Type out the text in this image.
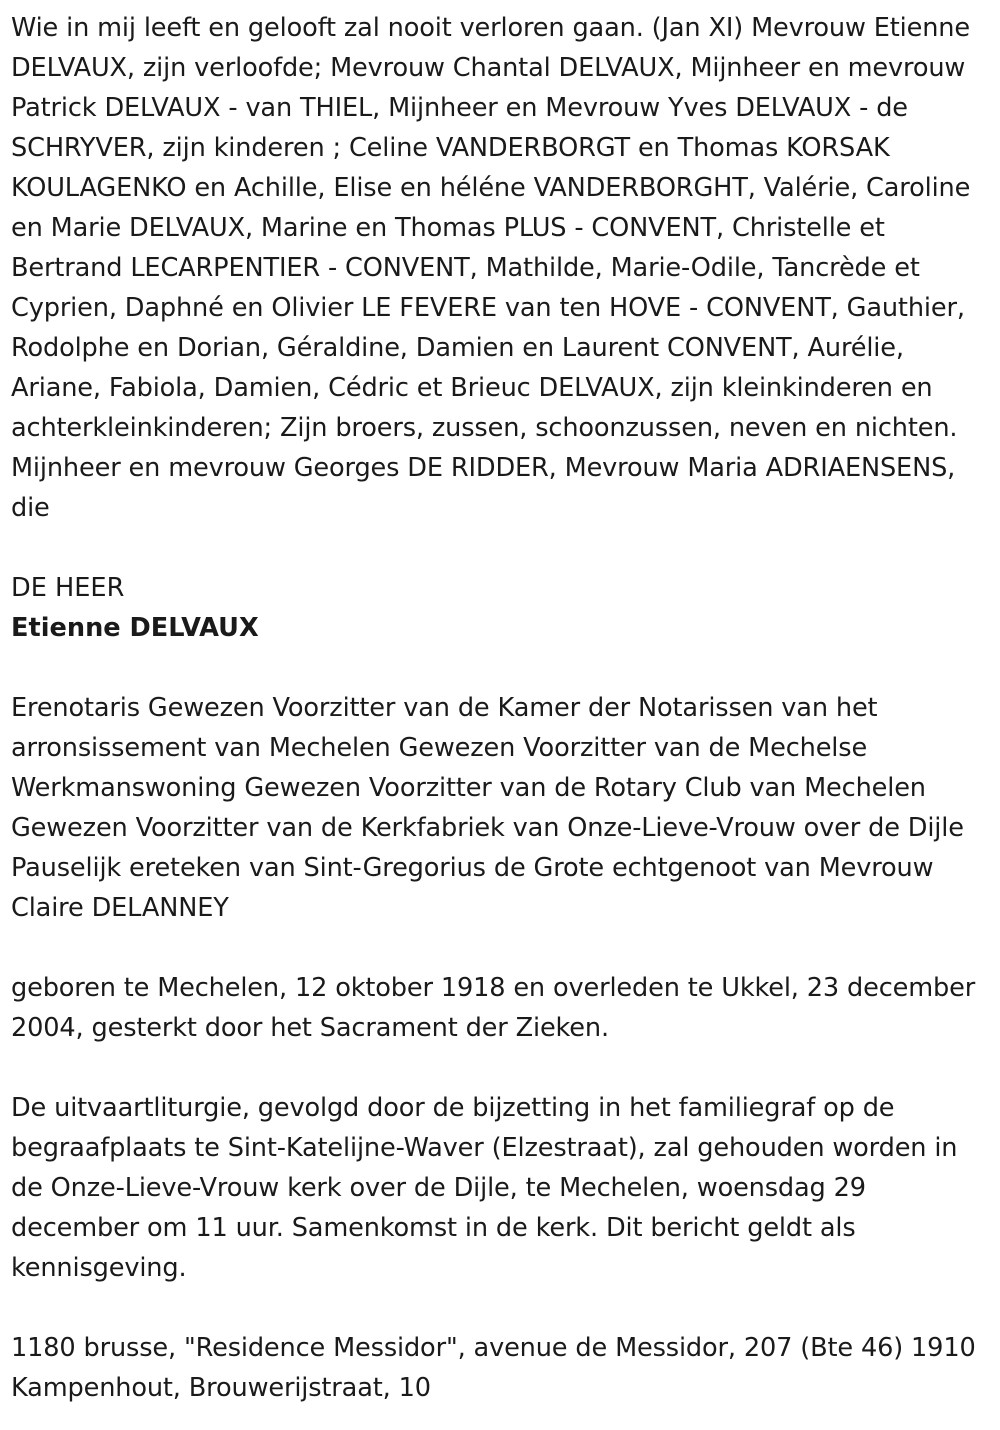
Wie in mij leeft en gelooft zal nooit verloren gaan. (Jan XI) Mevrouw Etienne DELVAUX, zijn verloofde; Mevrouw Chantal DELVAUX, Mijnheer en mevrouw Patrick DELVAUX - van THIEL, Mijnheer en Mevrouw Yves DELVAUX - de SCHRYVER, zijn kinderen ; Celine VANDERBORGT en Thomas KORSAK KOULAGENKO en Achille, Elise en héléne VANDERBORGHT, Valérie, Caroline en Marie DELVAUX, Marine en Thomas PLUS - CONVENT, Christelle et Bertrand LECARPENTIER - CONVENT, Mathilde, Marie-Odile, Tancrède et Cyprien, Daphné en Olivier LE FEVERE van ten HOVE - CONVENT, Gauthier, Rodolphe en Dorian, Géraldine, Damien en Laurent CONVENT, Aurélie, Ariane, Fabiola, Damien, Cédric et Brieuc DELVAUX, zijn kleinkinderen en achterkleinkinderen; Zijn broers, zussen, schoonzussen, neven en nichten. Mijnheer en mevrouw Georges DE RIDDER, Mevrouw Maria ADRIAENSENS, die

DE HEER

Etienne DELVAUX

Erenotaris Gewezen Voorzitter van de Kamer der Notarissen van het arronsissement van Mechelen Gewezen Voorzitter van de Mechelse Werkmanswoning Gewezen Voorzitter van de Rotary Club van Mechelen Gewezen Voorzitter van de Kerkfabriek van Onze-Lieve-Vrouw over de Dijle Pauselijk ereteken van Sint-Gregorius de Grote echtgenoot van Mevrouw Claire DELANNEY

geboren te Mechelen, 12 oktober 1918 en overleden te Ukkel, 23 december 2004, gesterkt door het Sacrament der Zieken.

De uitvaartliturgie, gevolgd door de bijzetting in het familiegraf op de begraafplaats te Sint-Katelijne-Waver (Elzestraat), zal gehouden worden in de Onze-Lieve-Vrouw kerk over de Dijle, te Mechelen, woensdag 29 december om 11 uur. Samenkomst in de kerk. Dit bericht geldt als kennisgeving.

1180 brusse, "Residence Messidor", avenue de Messidor, 207 (Bte 46) 1910 Kampenhout, Brouwerijstraat, 10
